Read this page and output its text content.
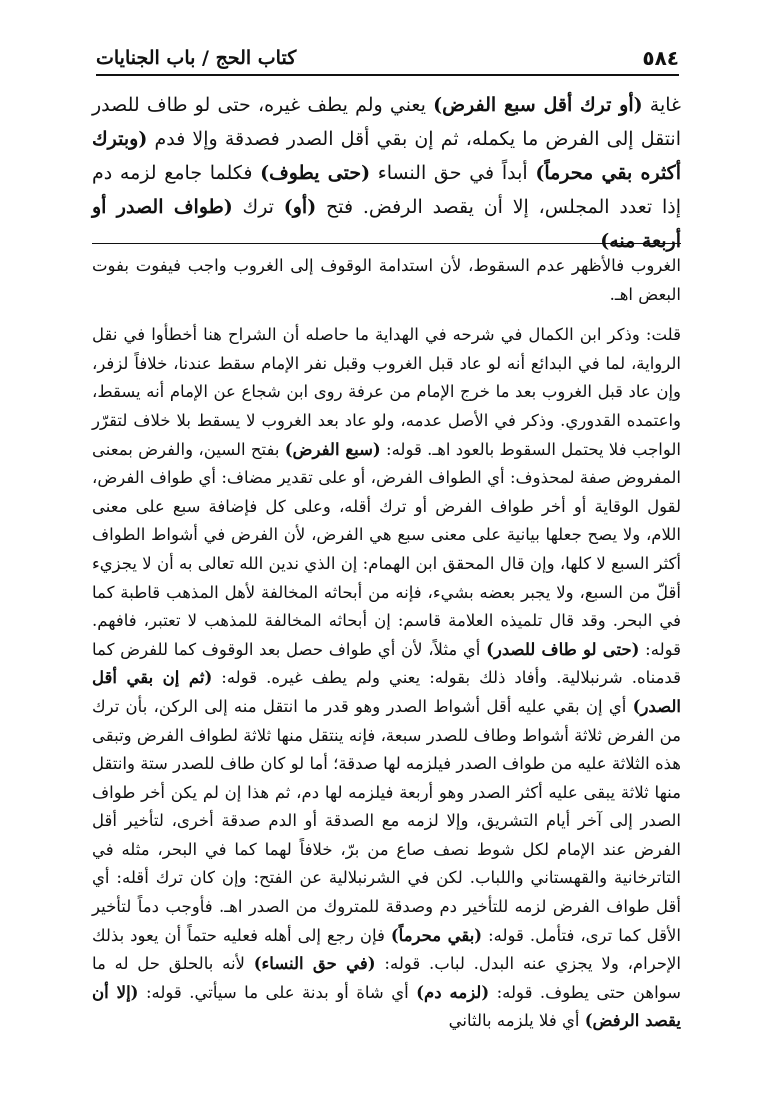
٥٨٤
كتاب الحج / باب الجنايات

غاية (أو ترك أقل سبع الفرض) يعني ولم يطف غيره، حتى لو طاف للصدر انتقل إلى الفرض ما يكمله، ثم إن بقي أقل الصدر فصدقة وإلا فدم (وبترك أكثره بقي محرماً) أبداً في حق النساء (حتى يطوف) فكلما جامع لزمه دم إذا تعدد المجلس، إلا أن يقصد الرفض. فتح (أو) ترك (طواف الصدر أو أربعة منه)

الغروب فالأظهر عدم السقوط، لأن استدامة الوقوف إلى الغروب واجب فيفوت بفوت البعض اهـ.

قلت: وذكر ابن الكمال في شرحه في الهداية ما حاصله أن الشراح هنا أخطأوا في نقل الرواية، لما في البدائع أنه لو عاد قبل الغروب وقبل نفر الإمام سقط عندنا، خلافاً لزفر، وإن عاد قبل الغروب بعد ما خرج الإمام من عرفة روى ابن شجاع عن الإمام أنه يسقط، واعتمده القدوري. وذكر في الأصل عدمه، ولو عاد بعد الغروب لا يسقط بلا خلاف لتقرّر الواجب فلا يحتمل السقوط بالعود اهـ. قوله: (سبع الفرض) بفتح السين، والفرض بمعنى المفروض صفة لمحذوف: أي الطواف الفرض، أو على تقدير مضاف: أي طواف الفرض، لقول الوقاية أو أخر طواف الفرض أو ترك أقله، وعلى كل فإضافة سبع على معنى اللام، ولا يصح جعلها بيانية على معنى سبع هي الفرض، لأن الفرض في أشواط الطواف أكثر السبع لا كلها، وإن قال المحقق ابن الهمام: إن الذي ندين الله تعالى به أن لا يجزيء أقلّ من السبع، ولا يجبر بعضه بشيء، فإنه من أبحاثه المخالفة لأهل المذهب قاطبة كما في البحر. وقد قال تلميذه العلامة قاسم: إن أبحاثه المخالفة للمذهب لا تعتبر، فافهم. قوله: (حتى لو طاف للصدر) أي مثلاً، لأن أي طواف حصل بعد الوقوف كما للفرض كما قدمناه. شرنبلالية. وأفاد ذلك بقوله: يعني ولم يطف غيره. قوله: (ثم إن بقي أقل الصدر) أي إن بقي عليه أقل أشواط الصدر وهو قدر ما انتقل منه إلى الركن، بأن ترك من الفرض ثلاثة أشواط وطاف للصدر سبعة، فإنه ينتقل منها ثلاثة لطواف الفرض وتبقى هذه الثلاثة عليه من طواف الصدر فيلزمه لها صدقة؛ أما لو كان طاف للصدر ستة وانتقل منها ثلاثة يبقى عليه أكثر الصدر وهو أربعة فيلزمه لها دم، ثم هذا إن لم يكن أخر طواف الصدر إلى آخر أيام التشريق، وإلا لزمه مع الصدقة أو الدم صدقة أخرى، لتأخير أقل الفرض عند الإمام لكل شوط نصف صاع من برّ، خلافاً لهما كما في البحر، مثله في التاترخانية والقهستاني واللباب. لكن في الشرنبلالية عن الفتح: وإن كان ترك أقله: أي أقل طواف الفرض لزمه للتأخير دم وصدقة للمتروك من الصدر اهـ. فأوجب دماً لتأخير الأقل كما ترى، فتأمل. قوله: (بقي محرماً) فإن رجع إلى أهله فعليه حتماً أن يعود بذلك الإحرام، ولا يجزي عنه البدل. لباب. قوله: (في حق النساء) لأنه بالحلق حل له ما سواهن حتى يطوف. قوله: (لزمه دم) أي شاة أو بدنة على ما سيأتي. قوله: (إلا أن يقصد الرفض) أي فلا يلزمه بالثاني
